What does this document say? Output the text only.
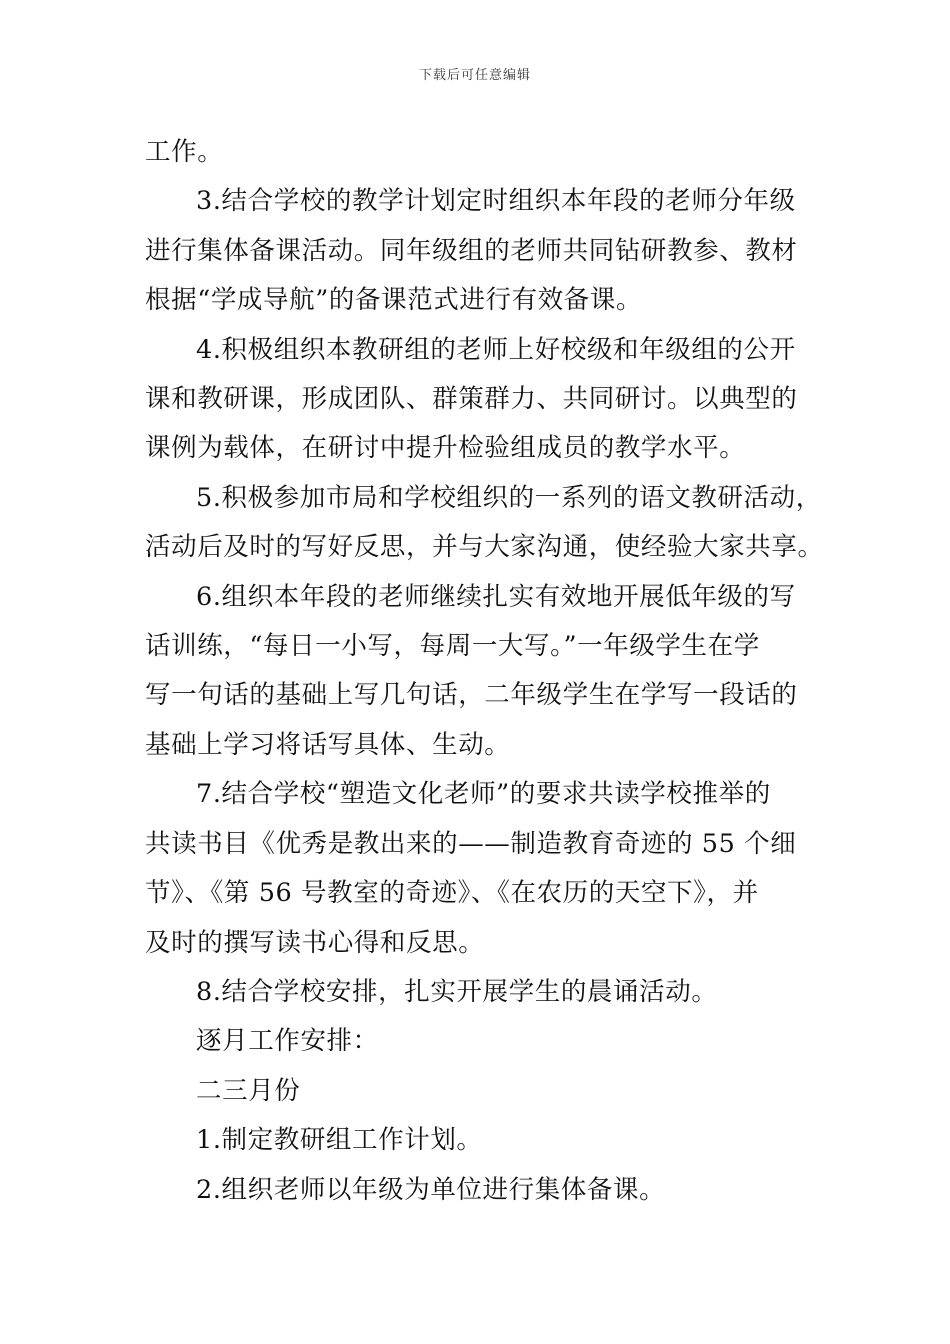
下载后可任意编辑
工作。
3.结合学校的教学计划定时组织本年段的老师分年级
进行集体备课活动。同年级组的老师共同钻研教参、教材
根据“学成导航”的备课范式进行有效备课。
4.积极组织本教研组的老师上好校级和年级组的公开
课和教研课，形成团队、群策群力、共同研讨。以典型的
课例为载体，在研讨中提升检验组成员的教学水平。
5.积极参加市局和学校组织的一系列的语文教研活动，
活动后及时的写好反思，并与大家沟通，使经验大家共享。
6.组织本年段的老师继续扎实有效地开展低年级的写
话训练，“每日一小写，每周一大写。”一年级学生在学
写一句话的基础上写几句话，二年级学生在学写一段话的
基础上学习将话写具体、生动。
7.结合学校“塑造文化老师”的要求共读学校推举的
共读书目《优秀是教出来的——制造教育奇迹的 55 个细
节》、《第 56 号教室的奇迹》、《在农历的天空下》，并
及时的撰写读书心得和反思。
8.结合学校安排，扎实开展学生的晨诵活动。
逐月工作安排：
二三月份
1.制定教研组工作计划。
2.组织老师以年级为单位进行集体备课。
